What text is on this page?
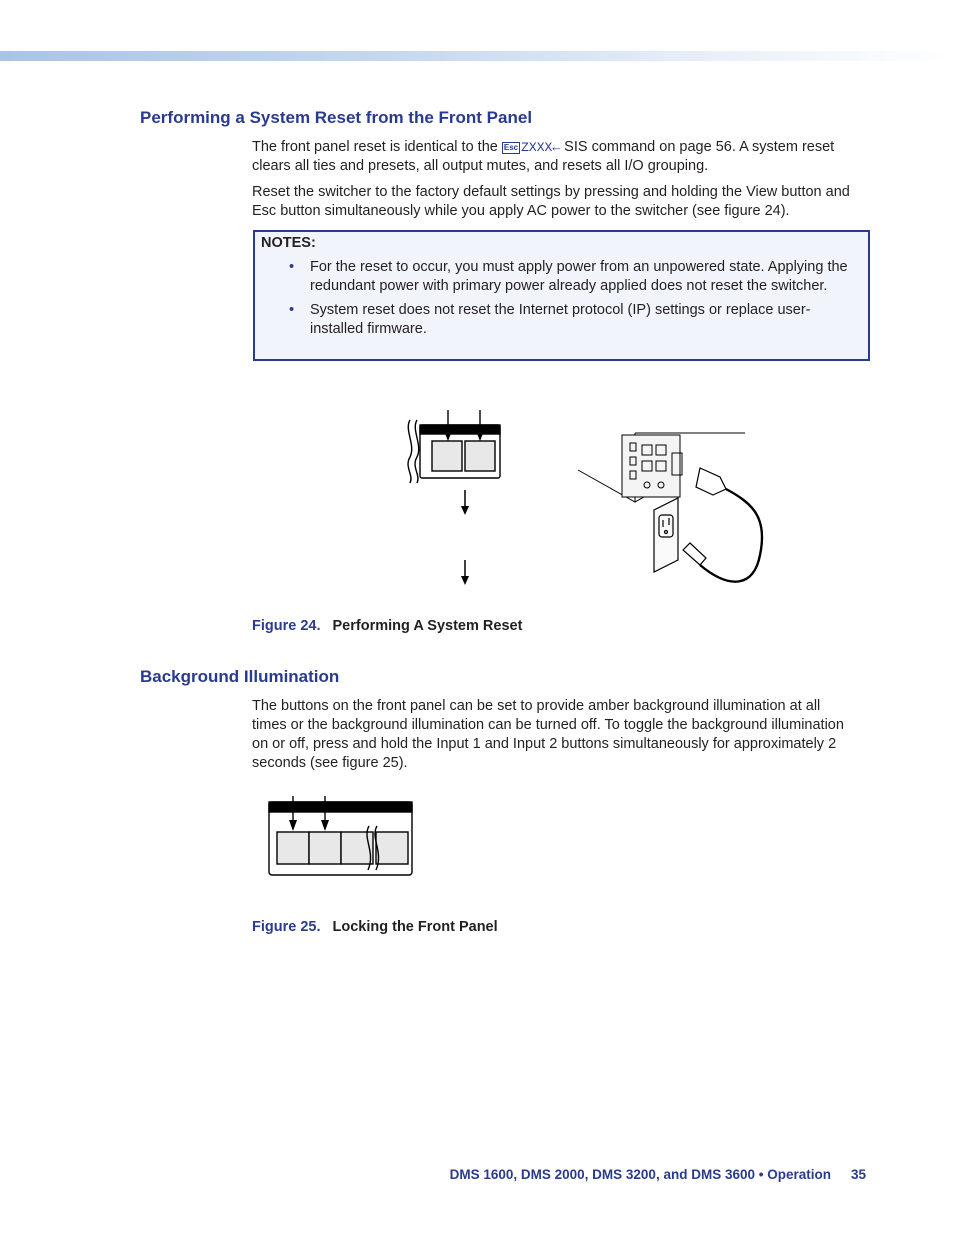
Performing a System Reset from the Front Panel

The front panel reset is identical to the Esc ZXXX← SIS command on page 56. A system reset clears all ties and presets, all output mutes, and resets all I/O grouping.

Reset the switcher to the factory default settings by pressing and holding the View button and Esc button simultaneously while you apply AC power to the switcher (see figure 24).

NOTES:

• For the reset to occur, you must apply power from an unpowered state. Applying the redundant power with primary power already applied does not reset the switcher.
• System reset does not reset the Internet protocol (IP) settings or replace user-installed firmware.

Figure 24. Performing A System Reset

Background Illumination

The buttons on the front panel can be set to provide amber background illumination at all times or the background illumination can be turned off. To toggle the background illumination on or off, press and hold the Input 1 and Input 2 buttons simultaneously for approximately 2 seconds (see figure 25).

Figure 25. Locking the Front Panel

DMS 1600, DMS 2000, DMS 3200, and DMS 3600 • Operation 35
